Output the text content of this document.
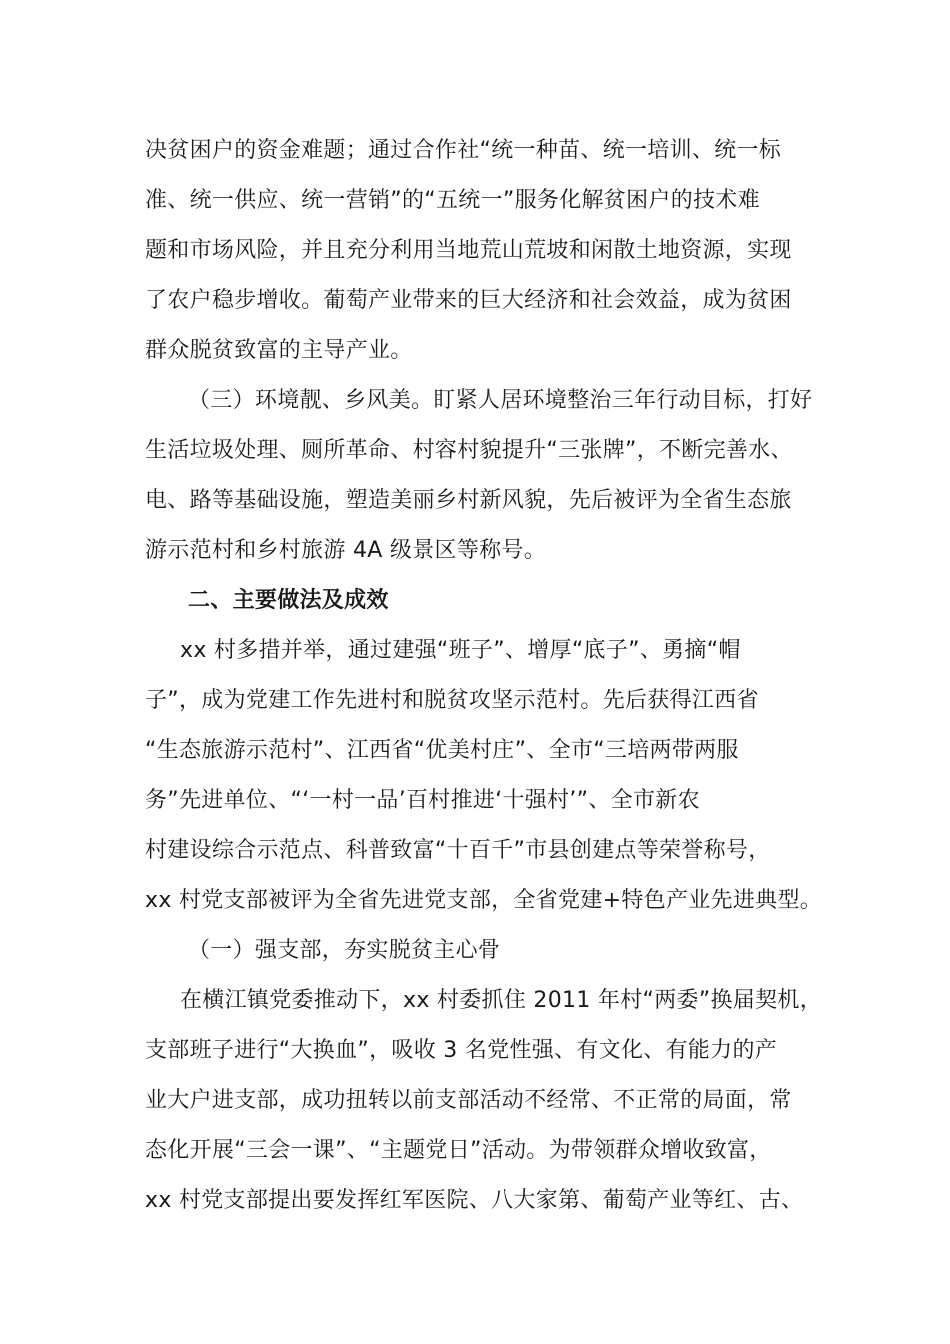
决贫困户的资金难题；通过合作社“统一种苗、统一培训、统一标
准、统一供应、统一营销”的“五统一”服务化解贫困户的技术难
题和市场风险，并且充分利用当地荒山荒坡和闲散土地资源，实现
了农户稳步增收。葡萄产业带来的巨大经济和社会效益，成为贫困
群众脱贫致富的主导产业。
（三）环境靓、乡风美。盯紧人居环境整治三年行动目标，打好
生活垃圾处理、厕所革命、村容村貌提升“三张牌”，不断完善水、
电、路等基础设施，塑造美丽乡村新风貌，先后被评为全省生态旅
游示范村和乡村旅游 4A 级景区等称号。
二、主要做法及成效
xx 村多措并举，通过建强“班子”、增厚“底子”、勇摘“帽
子”，成为党建工作先进村和脱贫攻坚示范村。先后获得江西省
“生态旅游示范村”、江西省“优美村庄”、全市“三培两带两服
务”先进单位、“‘一村一品’百村推进‘十强村’”、全市新农
村建设综合示范点、科普致富“十百千”市县创建点等荣誉称号，
xx 村党支部被评为全省先进党支部，全省党建+特色产业先进典型。
（一）强支部，夯实脱贫主心骨
在横江镇党委推动下，xx 村委抓住 2011 年村“两委”换届契机，
支部班子进行“大换血”，吸收 3 名党性强、有文化、有能力的产
业大户进支部，成功扭转以前支部活动不经常、不正常的局面，常
态化开展“三会一课”、“主题党日”活动。为带领群众增收致富，
xx 村党支部提出要发挥红军医院、八大家第、葡萄产业等红、古、
